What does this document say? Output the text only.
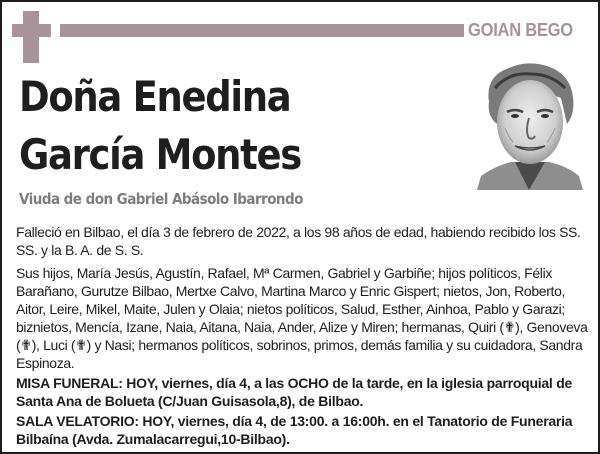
GOIAN BEGO
Doña Enedina
García Montes
Viuda de don Gabriel Abásolo Ibarrondo

Falleció en Bilbao, el día 3 de febrero de 2022, a los 98 años de edad, habiendo recibido los SS. SS. y la B. A. de S. S.

Sus hijos, María Jesús, Agustín, Rafael, Mª Carmen, Gabriel y Garbiñe; hijos políticos, Félix Barañano, Gurutze Bilbao, Mertxe Calvo, Martina Marco y Enric Gispert; nietos, Jon, Roberto, Aitor, Leire, Mikel, Maite, Julen y Olaia; nietos políticos, Salud, Esther, Ainhoa, Pablo y Garazi; biznietos, Mencía, Izane, Naia, Aitana, Naia, Ander, Alize y Miren; hermanas, Quiri (✟), Genoveva (✟), Luci (✟) y Nasi; hermanos políticos, sobrinos, primos, demás familia y su cuidadora, Sandra Espinoza.

MISA FUNERAL: HOY, viernes, día 4, a las OCHO de la tarde, en la iglesia parroquial de Santa Ana de Bolueta (C/Juan Guisasola,8), de Bilbao.

SALA VELATORIO: HOY, viernes, día 4, de 13:00. a 16:00h. en el Tanatorio de Funeraria Bilbaína (Avda. Zumalacarregui,10-Bilbao).
